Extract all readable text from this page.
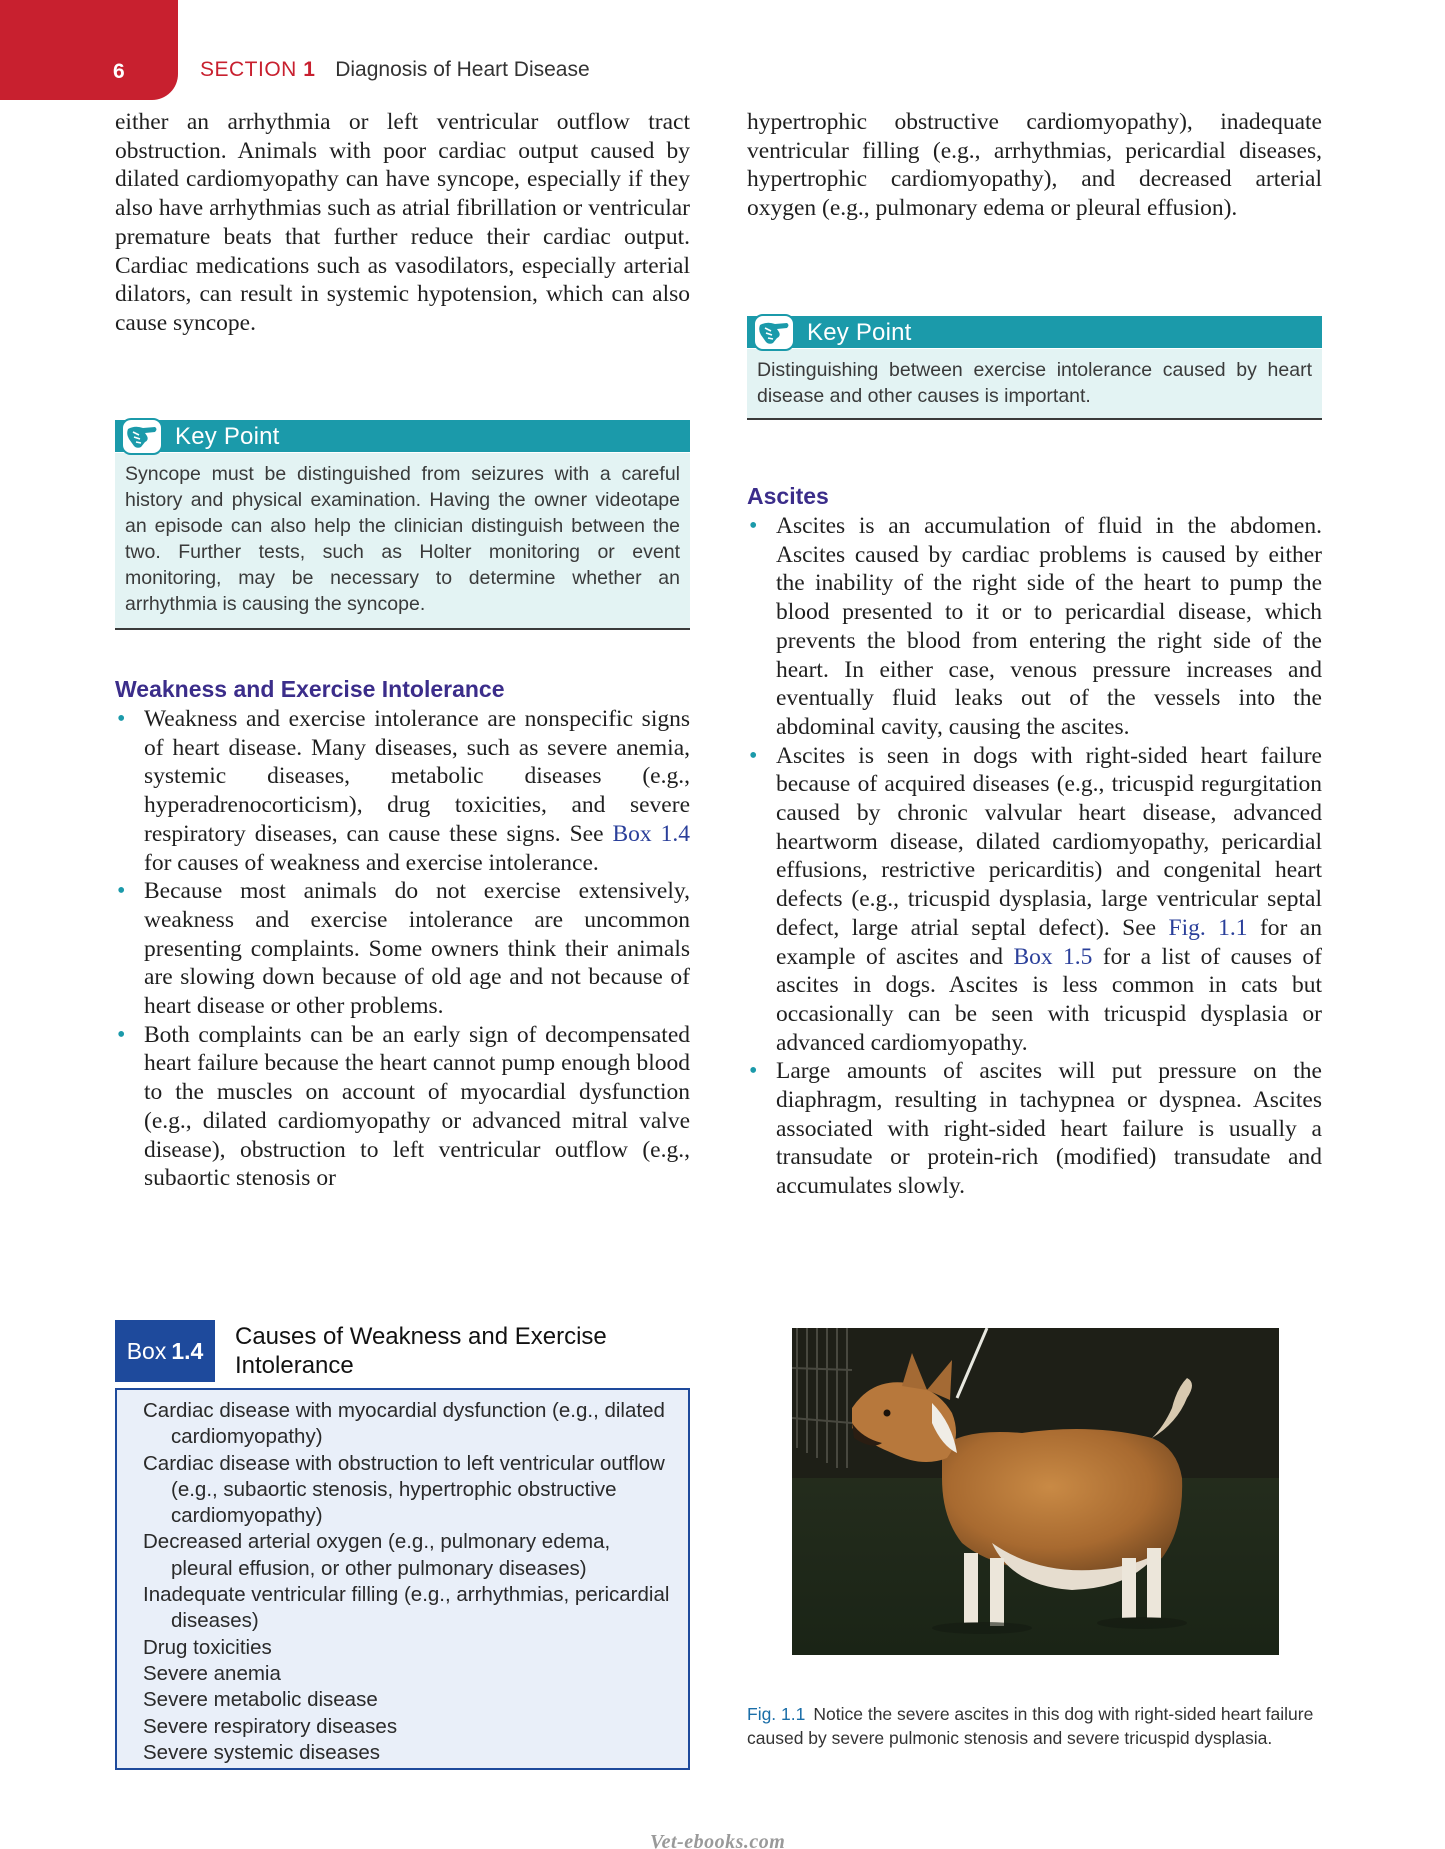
6	SECTION 1 Diagnosis of Heart Disease

either an arrhythmia or left ventricular outflow tract obstruction. Animals with poor cardiac output caused by dilated cardiomyopathy can have syncope, especially if they also have arrhythmias such as atrial fibrillation or ventricular premature beats that further reduce their cardiac output. Cardiac medications such as vasodilators, especially arterial dilators, can result in systemic hypotension, which can also cause syncope.

Key Point
Syncope must be distinguished from seizures with a careful history and physical examination. Having the owner videotape an episode can also help the clinician distinguish between the two. Further tests, such as Holter monitoring or event monitoring, may be necessary to determine whether an arrhythmia is causing the syncope.
Weakness and Exercise Intolerance
• Weakness and exercise intolerance are nonspecific signs of heart disease. Many diseases, such as severe anemia, systemic diseases, metabolic diseases (e.g., hyperadrenocorticism), drug toxicities, and severe respiratory diseases, can cause these signs. See Box 1.4 for causes of weakness and exercise intolerance.
• Because most animals do not exercise extensively, weakness and exercise intolerance are uncommon presenting complaints. Some owners think their animals are slowing down because of old age and not because of heart disease or other problems.
• Both complaints can be an early sign of decompensated heart failure because the heart cannot pump enough blood to the muscles on account of myocardial dysfunction (e.g., dilated cardiomyopathy or advanced mitral valve disease), obstruction to left ventricular outflow (e.g., subaortic stenosis or

hypertrophic obstructive cardiomyopathy), inadequate ventricular filling (e.g., arrhythmias, pericardial diseases, hypertrophic cardiomyopathy), and decreased arterial oxygen (e.g., pulmonary edema or pleural effusion).

Key Point
Distinguishing between exercise intolerance caused by heart disease and other causes is important.
Ascites
• Ascites is an accumulation of fluid in the abdomen. Ascites caused by cardiac problems is caused by either the inability of the right side of the heart to pump the blood presented to it or to pericardial disease, which prevents the blood from entering the right side of the heart. In either case, venous pressure increases and eventually fluid leaks out of the vessels into the abdominal cavity, causing the ascites.
• Ascites is seen in dogs with right-sided heart failure because of acquired diseases (e.g., tricuspid regurgitation caused by chronic valvular heart disease, advanced heartworm disease, dilated cardiomyopathy, pericardial effusions, restrictive pericarditis) and congenital heart defects (e.g., tricuspid dysplasia, large ventricular septal defect, large atrial septal defect). See Fig. 1.1 for an example of ascites and Box 1.5 for a list of causes of ascites in dogs. Ascites is less common in cats but occasionally can be seen with tricuspid dysplasia or advanced cardiomyopathy.
• Large amounts of ascites will put pressure on the diaphragm, resulting in tachypnea or dyspnea. Ascites associated with right-sided heart failure is usually a transudate or protein-rich (modified) transudate and accumulates slowly.
Box 1.4
Causes of Weakness and Exercise Intolerance
Cardiac disease with myocardial dysfunction (e.g., dilated cardiomyopathy)
Cardiac disease with obstruction to left ventricular outflow (e.g., subaortic stenosis, hypertrophic obstructive cardiomyopathy)
Decreased arterial oxygen (e.g., pulmonary edema, pleural effusion, or other pulmonary diseases)
Inadequate ventricular filling (e.g., arrhythmias, pericardial diseases)
Drug toxicities
Severe anemia
Severe metabolic disease
Severe respiratory diseases
Severe systemic diseases
Fig. 1.1 Notice the severe ascites in this dog with right-sided heart failure caused by severe pulmonic stenosis and severe tricuspid dysplasia.
Vet-ebooks.com
